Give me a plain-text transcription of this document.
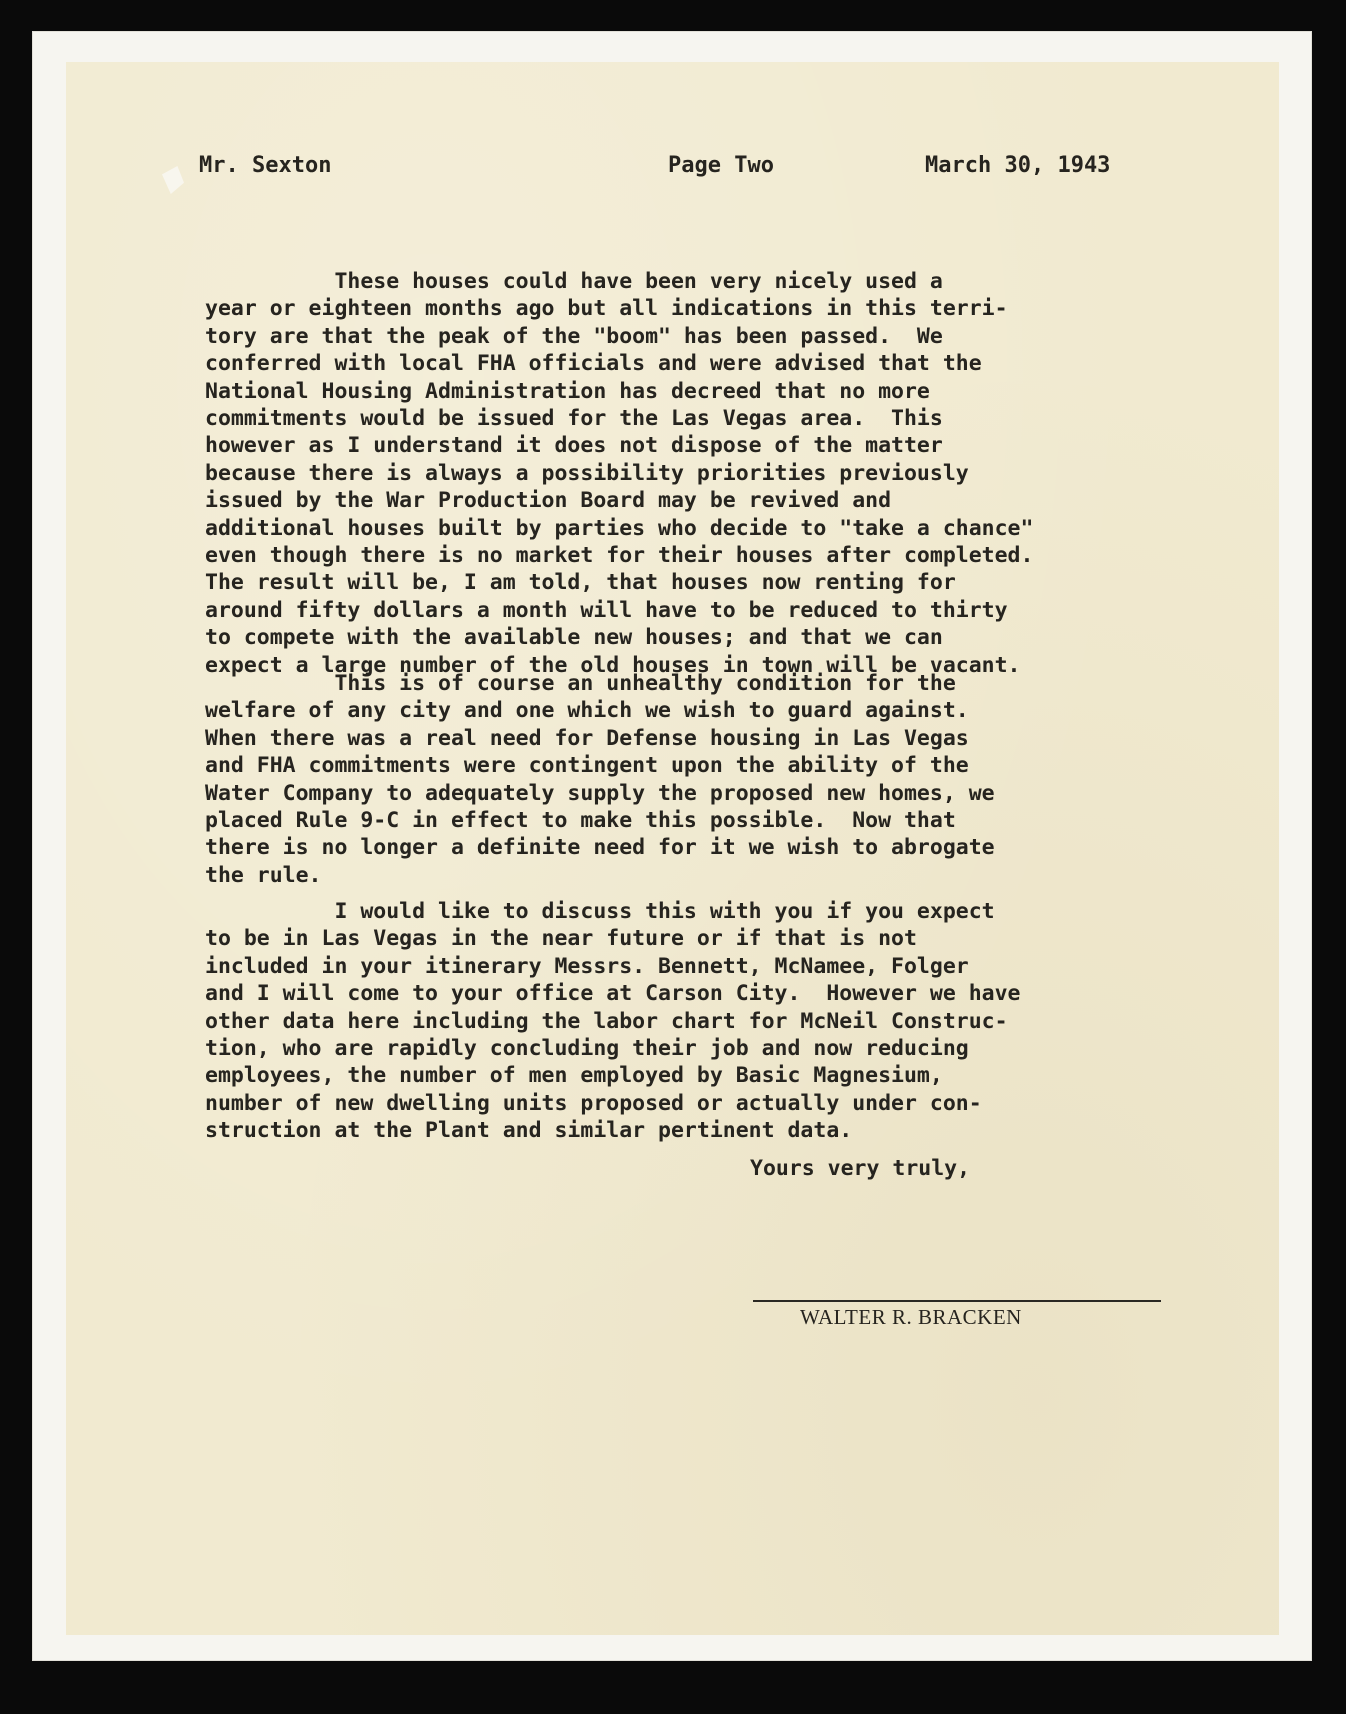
Mr. Sexton	Page Two	March 30, 1943
These houses could have been very nicely used a
year or eighteen months ago but all indications in this terri-
tory are that the peak of the "boom" has been passed.  We
conferred with local FHA officials and were advised that the
National Housing Administration has decreed that no more
commitments would be issued for the Las Vegas area.  This
however as I understand it does not dispose of the matter
because there is always a possibility priorities previously
issued by the War Production Board may be revived and
additional houses built by parties who decide to "take a chance"
even though there is no market for their houses after completed.
The result will be, I am told, that houses now renting for
around fifty dollars a month will have to be reduced to thirty
to compete with the available new houses; and that we can
expect a large number of the old houses in town will be vacant.
This is of course an unhealthy condition for the
welfare of any city and one which we wish to guard against.
When there was a real need for Defense housing in Las Vegas
and FHA commitments were contingent upon the ability of the
Water Company to adequately supply the proposed new homes, we
placed Rule 9-C in effect to make this possible.  Now that
there is no longer a definite need for it we wish to abrogate
the rule.
I would like to discuss this with you if you expect
to be in Las Vegas in the near future or if that is not
included in your itinerary Messrs. Bennett, McNamee, Folger
and I will come to your office at Carson City.  However we have
other data here including the labor chart for McNeil Construc-
tion, who are rapidly concluding their job and now reducing
employees, the number of men employed by Basic Magnesium,
number of new dwelling units proposed or actually under con-
struction at the Plant and similar pertinent data.
Yours very truly,
WALTER R. BRACKEN
